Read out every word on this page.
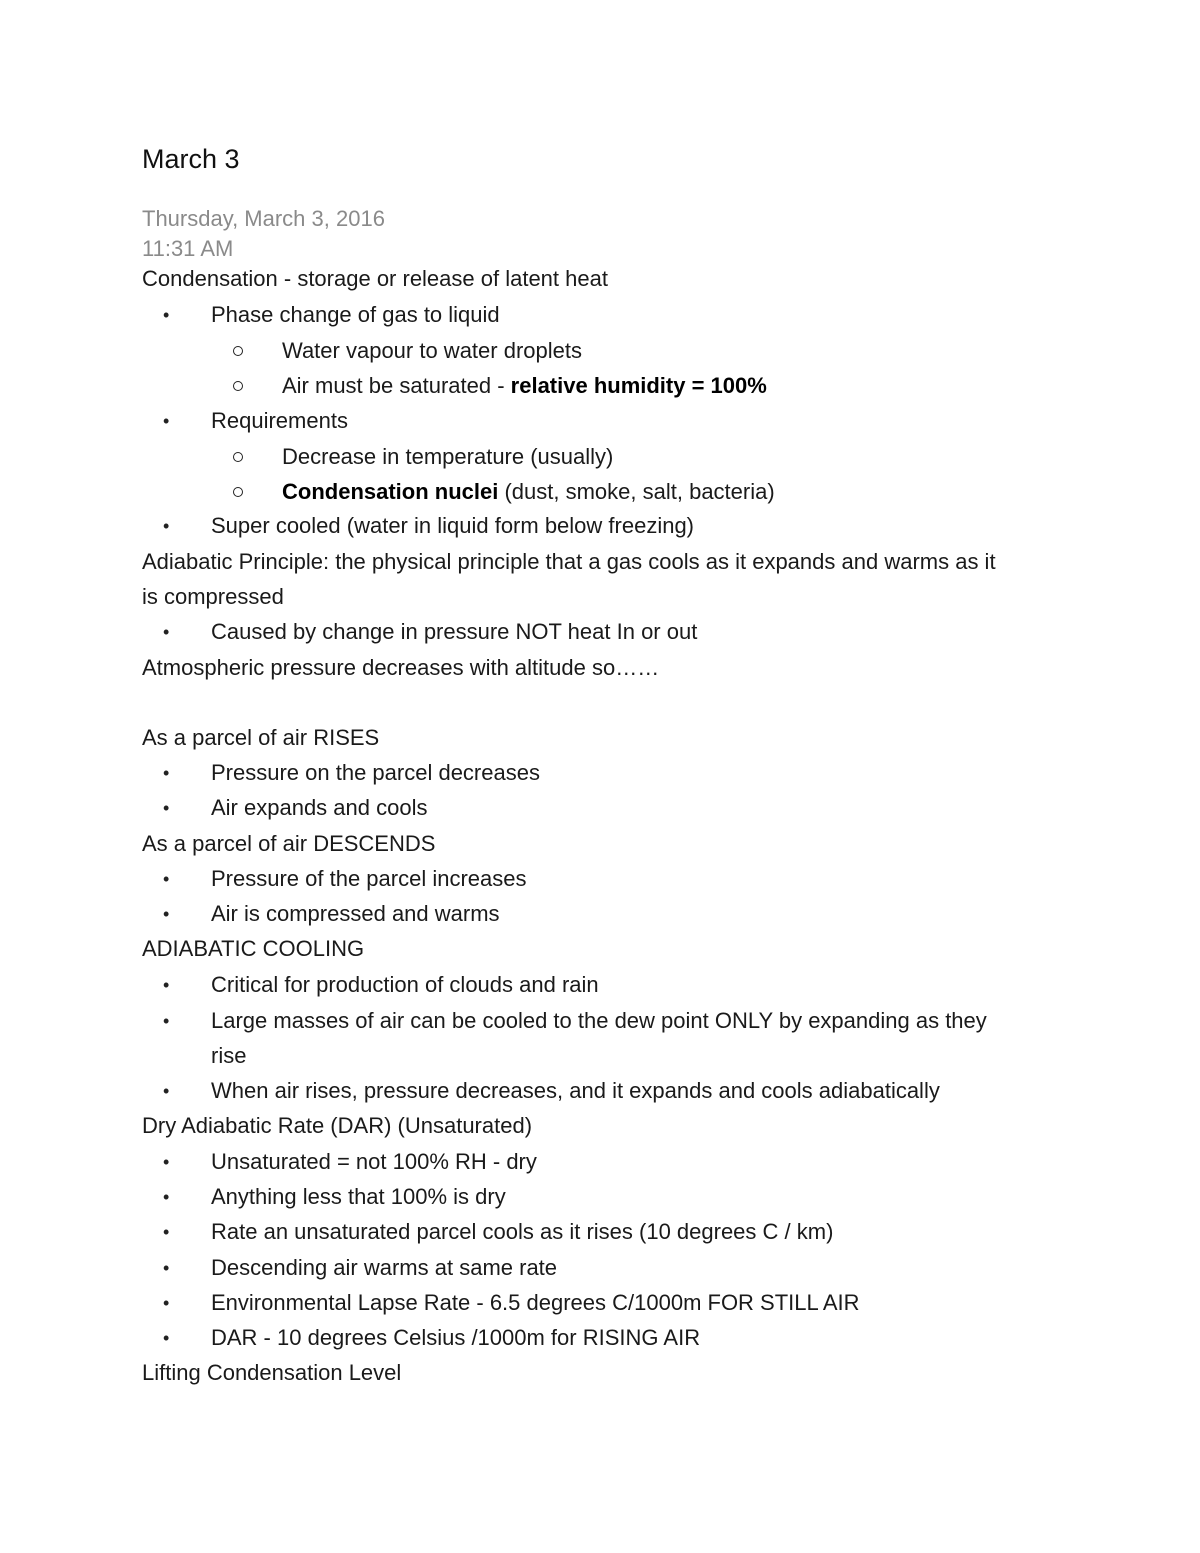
March 3
Thursday, March 3, 2016
11:31 AM
Condensation - storage or release of latent heat
• Phase change of gas to liquid
Water vapour to water droplets
Air must be saturated - relative humidity = 100%
• Requirements
Decrease in temperature (usually)
Condensation nuclei (dust, smoke, salt, bacteria)
• Super cooled (water in liquid form below freezing)
Adiabatic Principle: the physical principle that a gas cools as it expands and warms as it
is compressed
• Caused by change in pressure NOT heat In or out
Atmospheric pressure decreases with altitude so……
As a parcel of air RISES
• Pressure on the parcel decreases
• Air expands and cools
As a parcel of air DESCENDS
• Pressure of the parcel increases
• Air is compressed and warms
ADIABATIC COOLING
• Critical for production of clouds and rain
• Large masses of air can be cooled to the dew point ONLY by expanding as they
rise
• When air rises, pressure decreases, and it expands and cools adiabatically
Dry Adiabatic Rate (DAR) (Unsaturated)
• Unsaturated = not 100% RH - dry
• Anything less that 100% is dry
• Rate an unsaturated parcel cools as it rises (10 degrees C / km)
• Descending air warms at same rate
• Environmental Lapse Rate - 6.5 degrees C/1000m FOR STILL AIR
• DAR - 10 degrees Celsius /1000m for RISING AIR
Lifting Condensation Level
